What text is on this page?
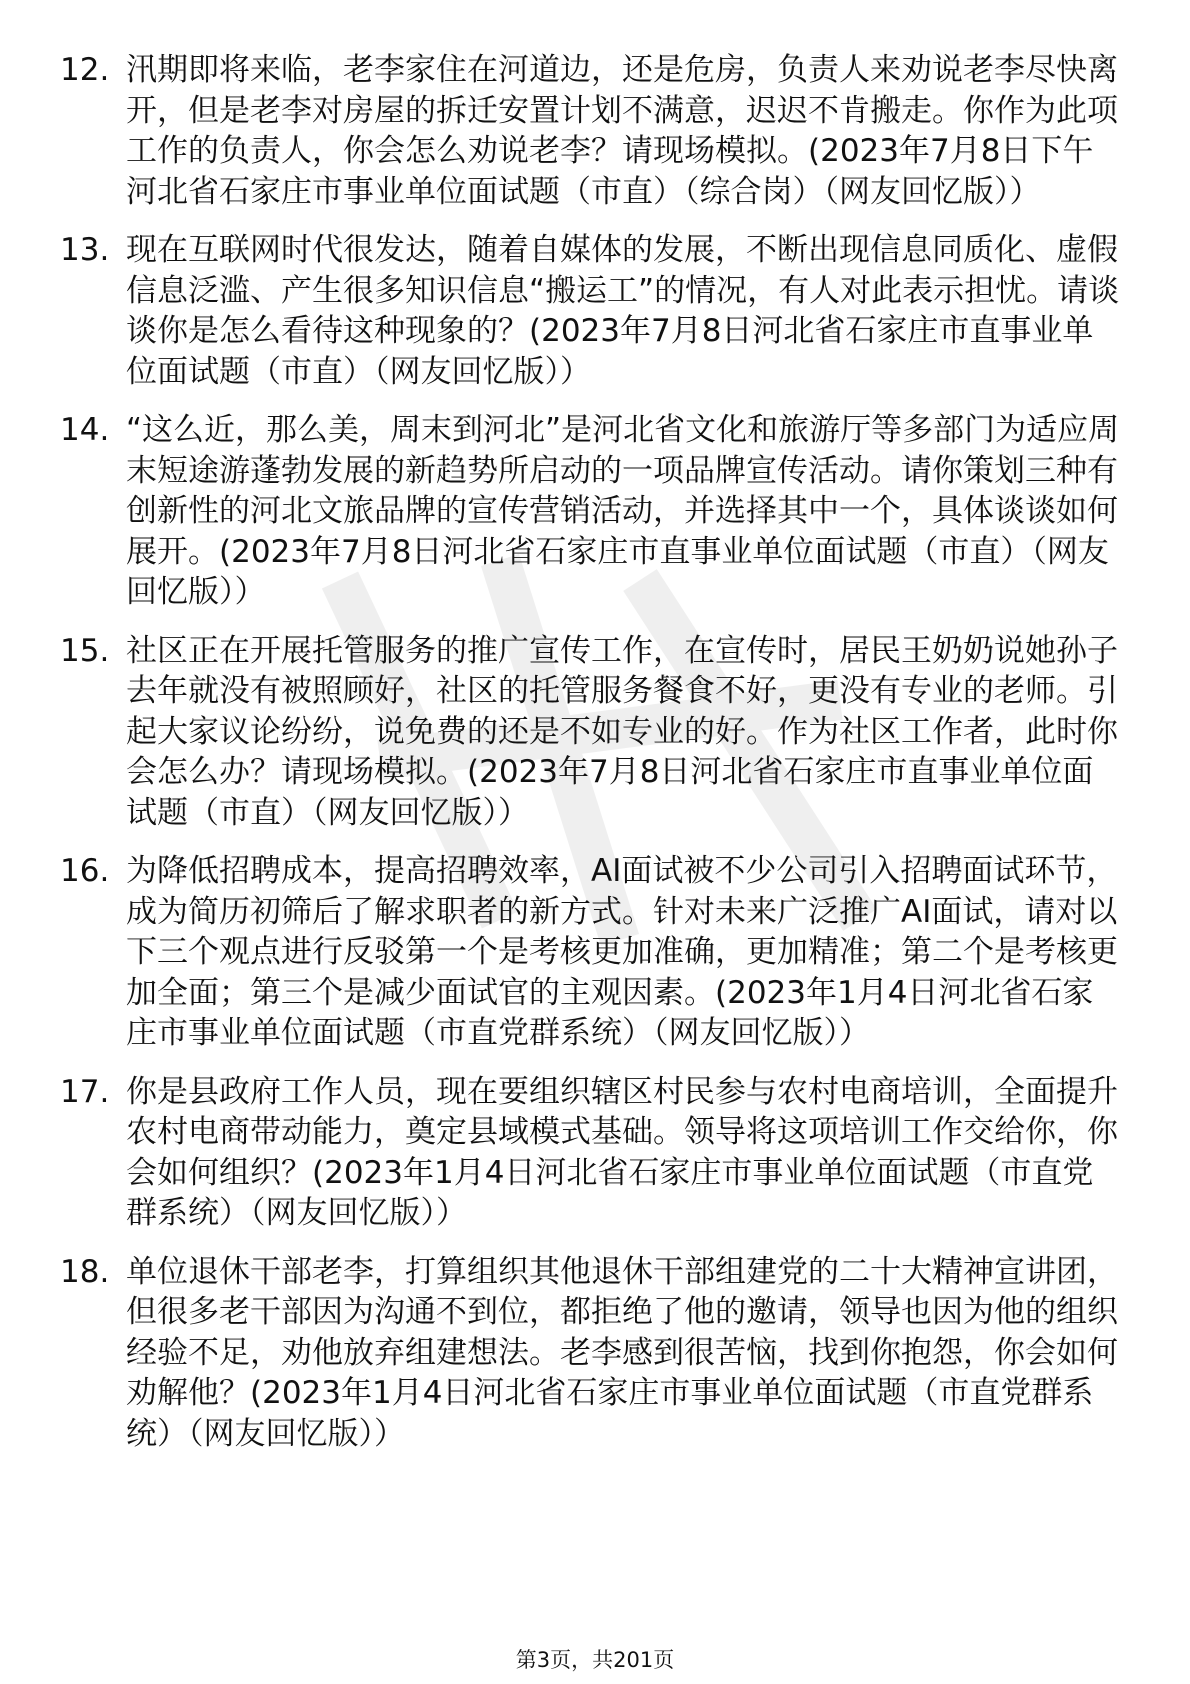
12. 汛期即将来临，老李家住在河道边，还是危房，负责人来劝说老李尽快离开，但是老李对房屋的拆迁安置计划不满意，迟迟不肯搬走。你作为此项工作的负责人，你会怎么劝说老李？请现场模拟。(2023年7月8日下午河北省石家庄市事业单位面试题（市直）（综合岗）（网友回忆版））
13. 现在互联网时代很发达，随着自媒体的发展，不断出现信息同质化、虚假信息泛滥、产生很多知识信息“搬运工”的情况，有人对此表示担忧。请谈谈你是怎么看待这种现象的？(2023年7月8日河北省石家庄市直事业单位面试题（市直）（网友回忆版））
14. “这么近，那么美，周末到河北”是河北省文化和旅游厅等多部门为适应周末短途游蓬勃发展的新趋势所启动的一项品牌宣传活动。请你策划三种有创新性的河北文旅品牌的宣传营销活动，并选择其中一个，具体谈谈如何展开。(2023年7月8日河北省石家庄市直事业单位面试题（市直）（网友回忆版））
15. 社区正在开展托管服务的推广宣传工作，在宣传时，居民王奶奶说她孙子去年就没有被照顾好，社区的托管服务餐食不好，更没有专业的老师。引起大家议论纷纷，说免费的还是不如专业的好。作为社区工作者，此时你会怎么办？请现场模拟。(2023年7月8日河北省石家庄市直事业单位面试题（市直）（网友回忆版））
16. 为降低招聘成本，提高招聘效率，AI面试被不少公司引入招聘面试环节，成为简历初筛后了解求职者的新方式。针对未来广泛推广AI面试，请对以下三个观点进行反驳第一个是考核更加准确，更加精准；第二个是考核更加全面；第三个是减少面试官的主观因素。(2023年1月4日河北省石家庄市事业单位面试题（市直党群系统）（网友回忆版））
17. 你是县政府工作人员，现在要组织辖区村民参与农村电商培训，全面提升农村电商带动能力，奠定县域模式基础。领导将这项培训工作交给你，你会如何组织？(2023年1月4日河北省石家庄市事业单位面试题（市直党群系统）（网友回忆版））
18. 单位退休干部老李，打算组织其他退休干部组建党的二十大精神宣讲团，但很多老干部因为沟通不到位，都拒绝了他的邀请，领导也因为他的组织经验不足，劝他放弃组建想法。老李感到很苦恼，找到你抱怨，你会如何劝解他？(2023年1月4日河北省石家庄市事业单位面试题（市直党群系统）（网友回忆版））
第3页，共201页
